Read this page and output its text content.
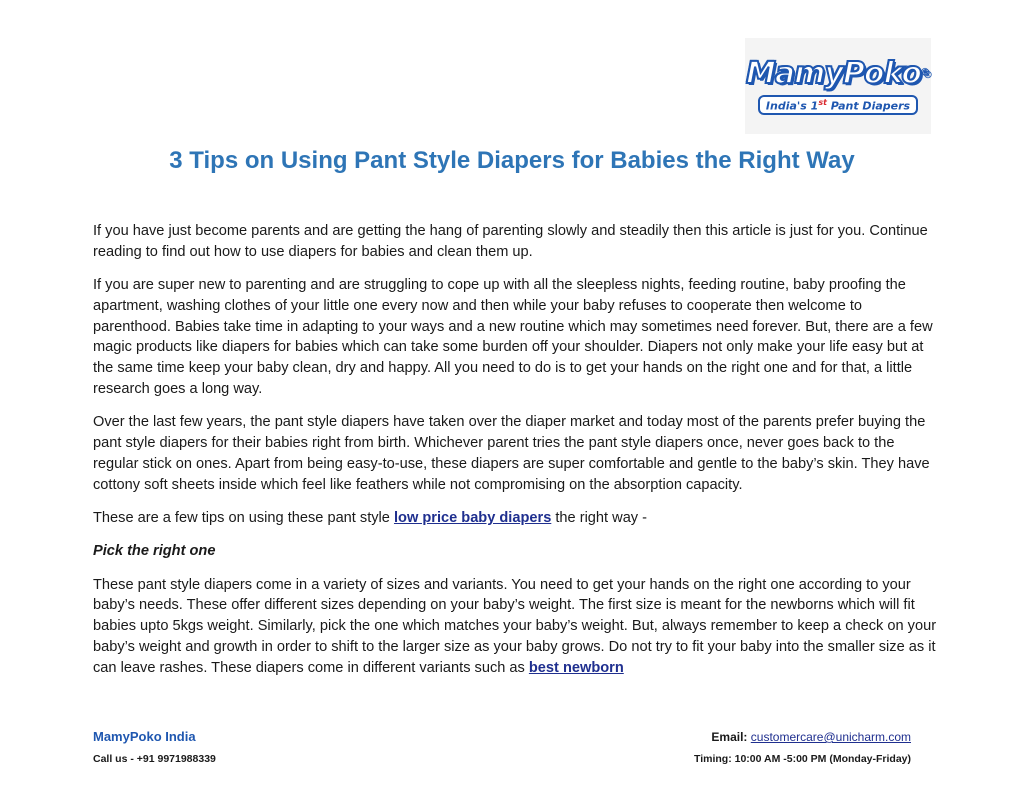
MamyPoko®
India's 1st Pant Diapers
3 Tips on Using Pant Style Diapers for Babies the Right Way

If you have just become parents and are getting the hang of parenting slowly and steadily then this article is just for you. Continue reading to find out how to use diapers for babies and clean them up.

If you are super new to parenting and are struggling to cope up with all the sleepless nights, feeding routine, baby proofing the apartment, washing clothes of your little one every now and then while your baby refuses to cooperate then welcome to parenthood. Babies take time in adapting to your ways and a new routine which may sometimes need forever. But, there are a few magic products like diapers for babies which can take some burden off your shoulder. Diapers not only make your life easy but at the same time keep your baby clean, dry and happy. All you need to do is to get your hands on the right one and for that, a little research goes a long way.

Over the last few years, the pant style diapers have taken over the diaper market and today most of the parents prefer buying the pant style diapers for their babies right from birth. Whichever parent tries the pant style diapers once, never goes back to the regular stick on ones. Apart from being easy-to-use, these diapers are super comfortable and gentle to the baby’s skin. They have cottony soft sheets inside which feel like feathers while not compromising on the absorption capacity.

These are a few tips on using these pant style low price baby diapers the right way -

Pick the right one

These pant style diapers come in a variety of sizes and variants. You need to get your hands on the right one according to your baby’s needs. These offer different sizes depending on your baby’s weight. The first size is meant for the newborns which will fit babies upto 5kgs weight. Similarly, pick the one which matches your baby’s weight. But, always remember to keep a check on your baby’s weight and growth in order to shift to the larger size as your baby grows. Do not try to fit your baby into the smaller size as it can leave rashes. These diapers come in different variants such as best newborn

MamyPoko India
Call us - +91 9971988339
Email: customercare@unicharm.com
Timing: 10:00 AM -5:00 PM (Monday-Friday)
